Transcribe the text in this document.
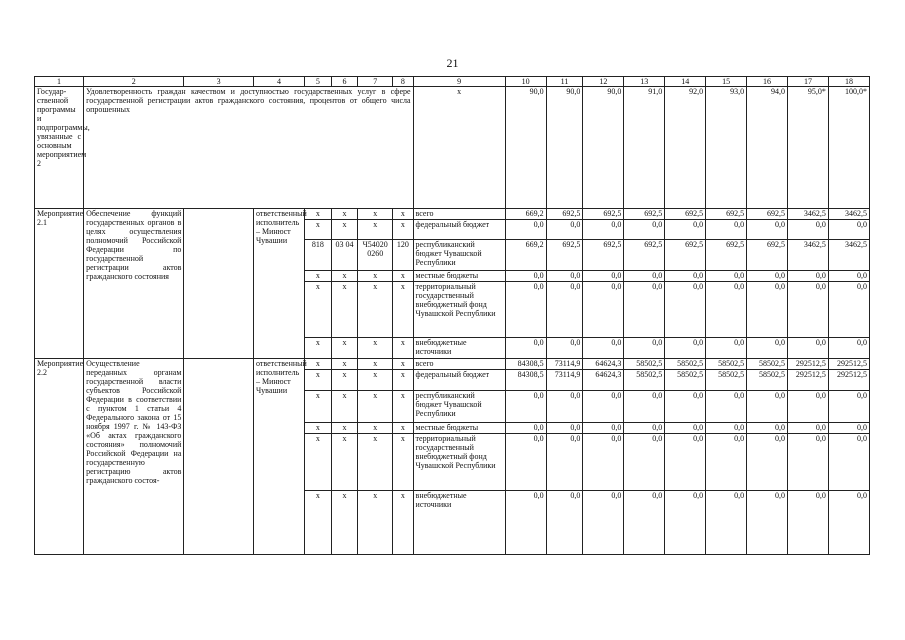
21
1	2	3	4	5	6	7	8	9	10	11	12	13	14	15	16	17	18
Государ-ственной программы и подпрограммы, увязанные с основным мероприятием 2	Удовлетворенность граждан качеством и доступностью государственных услуг в сфере государственной регистрации актов гражданского состояния, процентов от общего числа опрошенных							x	90,0	90,0	90,0	91,0	92,0	93,0	94,0	95,0*	100,0*
Мероприятие 2.1	Обеспечение функций государственных органов в целях осуществления полномочий Российской Федерации по государственной регистрации актов гражданского состояния		ответственный исполнитель – Минюст Чувашии	x	x	x	x	всего	669,2	692,5	692,5	692,5	692,5	692,5	692,5	3462,5	3462,5
				x	x	x	x	федеральный бюджет	0,0	0,0	0,0	0,0	0,0	0,0	0,0	0,0	0,0
				818	03 04	Ч54020 0260	120	республиканский бюджет Чувашской Республики	669,2	692,5	692,5	692,5	692,5	692,5	692,5	3462,5	3462,5
				x	x	x	x	местные бюджеты	0,0	0,0	0,0	0,0	0,0	0,0	0,0	0,0	0,0
				x	x	x	x	территориальный государственный внебюджетный фонд Чувашской Республики	0,0	0,0	0,0	0,0	0,0	0,0	0,0	0,0	0,0
				x	x	x	x	внебюджетные источники	0,0	0,0	0,0	0,0	0,0	0,0	0,0	0,0	0,0
Мероприятие 2.2	Осуществление переданных органам государственной власти субъектов Российской Федерации в соответствии с пунктом 1 статьи 4 Федерального закона от 15 ноября 1997 г. № 143-ФЗ «Об актах гражданского состояния» полномочий Российской Федерации на государственную регистрацию актов гражданского состоя-		ответственный исполнитель – Минюст Чувашии	x	x	x	x	всего	84308,5	73114,9	64624,3	58502,5	58502,5	58502,5	58502,5	292512,5	292512,5
				x	x	x	x	федеральный бюджет	84308,5	73114,9	64624,3	58502,5	58502,5	58502,5	58502,5	292512,5	292512,5
				x	x	x	x	республиканский бюджет Чувашской Республики	0,0	0,0	0,0	0,0	0,0	0,0	0,0	0,0	0,0
				x	x	x	x	местные бюджеты	0,0	0,0	0,0	0,0	0,0	0,0	0,0	0,0	0,0
				x	x	x	x	территориальный государственный внебюджетный фонд Чувашской Республики	0,0	0,0	0,0	0,0	0,0	0,0	0,0	0,0	0,0
				x	x	x	x	внебюджетные источники	0,0	0,0	0,0	0,0	0,0	0,0	0,0	0,0	0,0
